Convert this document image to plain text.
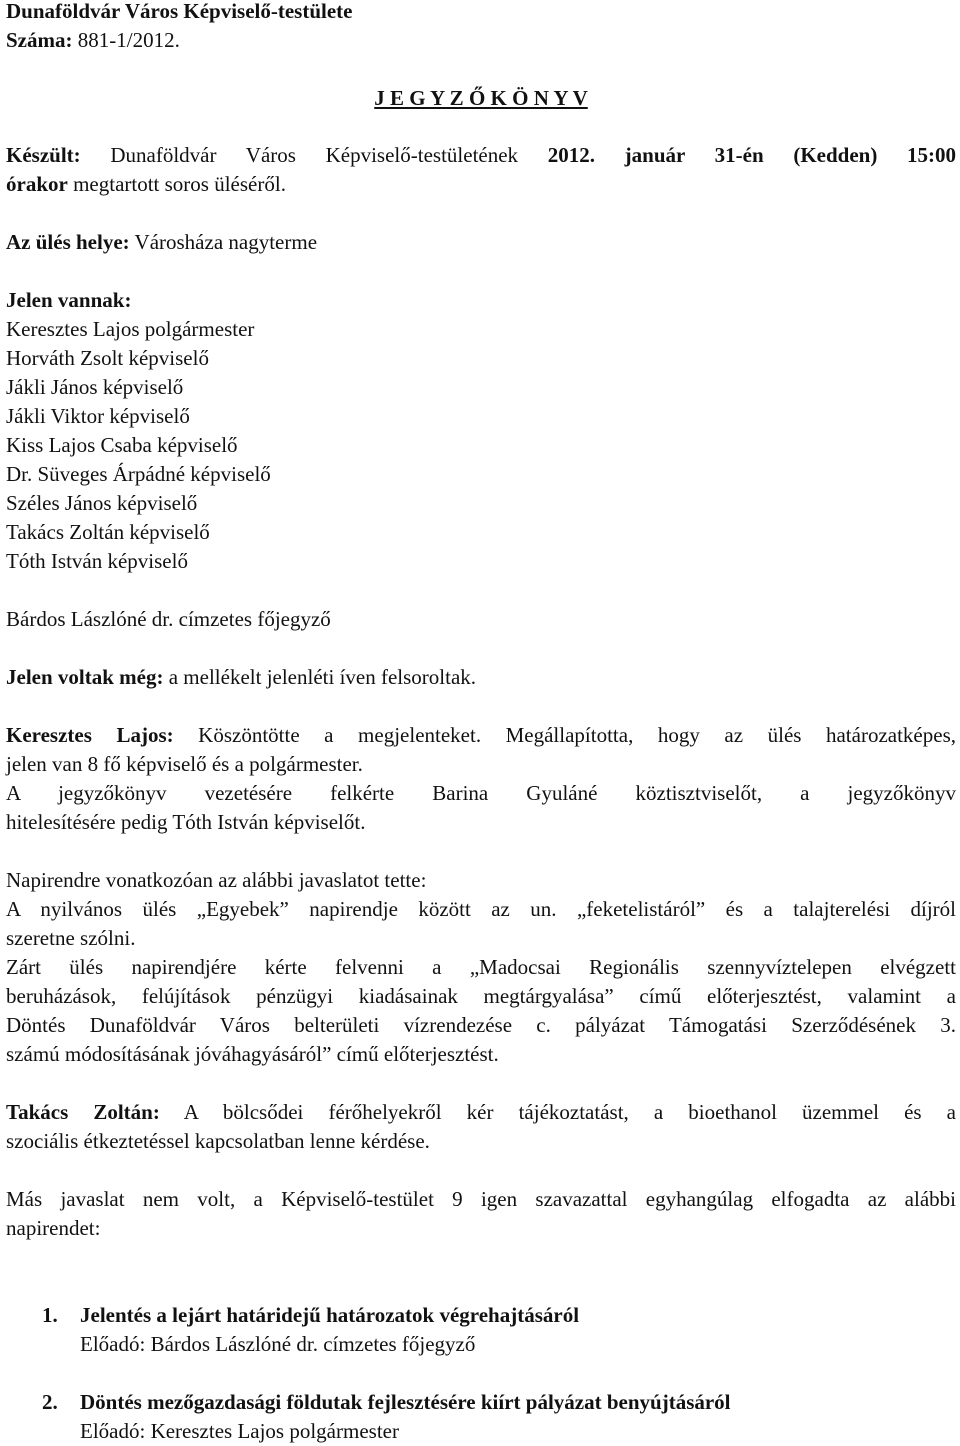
Dunaföldvár Város Képviselő-testülete
Száma: 881-1/2012.
J E G Y Z Ő K Ö N Y V
Készült: Dunaföldvár Város Képviselő-testületének 2012. január 31-én (Kedden) 15:00
órakor megtartott soros üléséről.
Az ülés helye: Városháza nagyterme
Jelen vannak:
Keresztes Lajos polgármester
Horváth Zsolt képviselő
Jákli János képviselő
Jákli Viktor képviselő
Kiss Lajos Csaba képviselő
Dr. Süveges Árpádné képviselő
Széles János képviselő
Takács Zoltán képviselő
Tóth István képviselő
Bárdos Lászlóné dr. címzetes főjegyző
Jelen voltak még: a mellékelt jelenléti íven felsoroltak.
Keresztes Lajos: Köszöntötte a megjelenteket. Megállapította, hogy az ülés határozatképes,
jelen van 8 fő képviselő és a polgármester.
A jegyzőkönyv vezetésére felkérte Barina Gyuláné köztisztviselőt, a jegyzőkönyv
hitelesítésére pedig Tóth István képviselőt.
Napirendre vonatkozóan az alábbi javaslatot tette:
A nyilvános ülés „Egyebek” napirendje között az un. „feketelistáról” és a talajterelési díjról
szeretne szólni.
Zárt ülés napirendjére kérte felvenni a „Madocsai Regionális szennyvíztelepen elvégzett
beruházások, felújítások pénzügyi kiadásainak megtárgyalása” című előterjesztést, valamint a
Döntés Dunaföldvár Város belterületi vízrendezése c. pályázat Támogatási Szerződésének 3.
számú módosításának jóváhagyásáról” című előterjesztést.
Takács Zoltán: A bölcsődei férőhelyekről kér tájékoztatást, a bioethanol üzemmel és a
szociális étkeztetéssel kapcsolatban lenne kérdése.
Más javaslat nem volt, a Képviselő-testület 9 igen szavazattal egyhangúlag elfogadta az alábbi
napirendet:
1. Jelentés a lejárt határidejű határozatok végrehajtásáról
Előadó: Bárdos Lászlóné dr. címzetes főjegyző
2. Döntés mezőgazdasági földutak fejlesztésére kiírt pályázat benyújtásáról
Előadó: Keresztes Lajos polgármester
